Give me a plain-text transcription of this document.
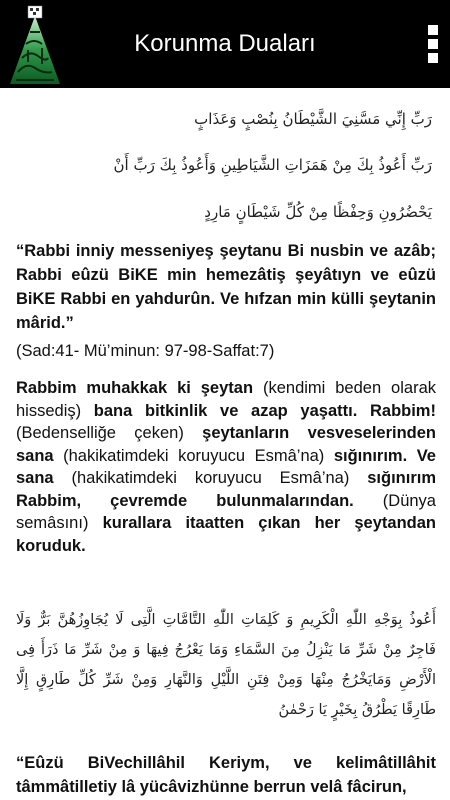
Korunma Duaları
رَبِّ إِنِّي مَسَّنِيَ الشَّيْطَانُ بِنُصْبٍ وَعَذَابٍ
رَبِّ أَعُوذُ بِكَ مِنْ هَمَزَاتِ الشَّيَاطِينِ وَأَعُوذُ بِكَ رَبِّ أَنْ
يَحْضُرُونِ وَحِفْظًا مِنْ كُلِّ شَيْطَانٍ مَارِدٍ
“Rabbi inniy messeniyeş şeytanu Bi nusbin ve azâb; Rabbi eûzü BiKE min hemezâtiş şeyâtıyn ve eûzü BiKE Rabbi en yahdurûn. Ve hıfzan min külli şeytanin mârid.”
(Sad:41- Mü’minun: 97-98-Saffat:7)
Rabbim muhakkak ki şeytan (kendimi beden olarak hissediş) bana bitkinlik ve azap yaşattı. Rabbim! (Bedenselliğe çeken) şeytanların vesveselerinden sana (hakikatimdeki koruyucu Esmâ’na) sığınırım. Ve sana (hakikatimdeki koruyucu Esmâ’na) sığınırım Rabbim, çevremde bulunmalarından. (Dünya semâsını) kurallara itaatten çıkan her şeytandan koruduk.
أَعُوذُ بِوَجْهِ اللّٰهِ الْكَرِيمِ وَ كَلِمَاتِ اللّٰهِ التَّامَّاتِ الَّتِى لَا يُجَاوِزُهُنَّ بَرٌّ وَلَا فَاجِرٌ مِنْ شَرِّ مَا يَنْزِلُ مِنَ السَّمَاءِ وَمَا يَعْرُجُ فِيهَا وَ مِنْ شَرِّ مَا ذَرَأَ فِى الْأَرْضِ وَمَايَخْرُجُ مِنْهَا وَمِنْ فِتَنِ اللَّيْلِ وَالنَّهَارِ وَمِنْ شَرِّ كُلِّ طَارِقٍ إِلَّا طَارِقًا يَطْرُقُ بِخَيْرٍ يَا رَحْمٰنُ
“Eûzü BiVechillâhil Keriym, ve kelimâtillâhit tâmmâtilletiy lâ yücâvizhünne berrun velâ fâcirun,
